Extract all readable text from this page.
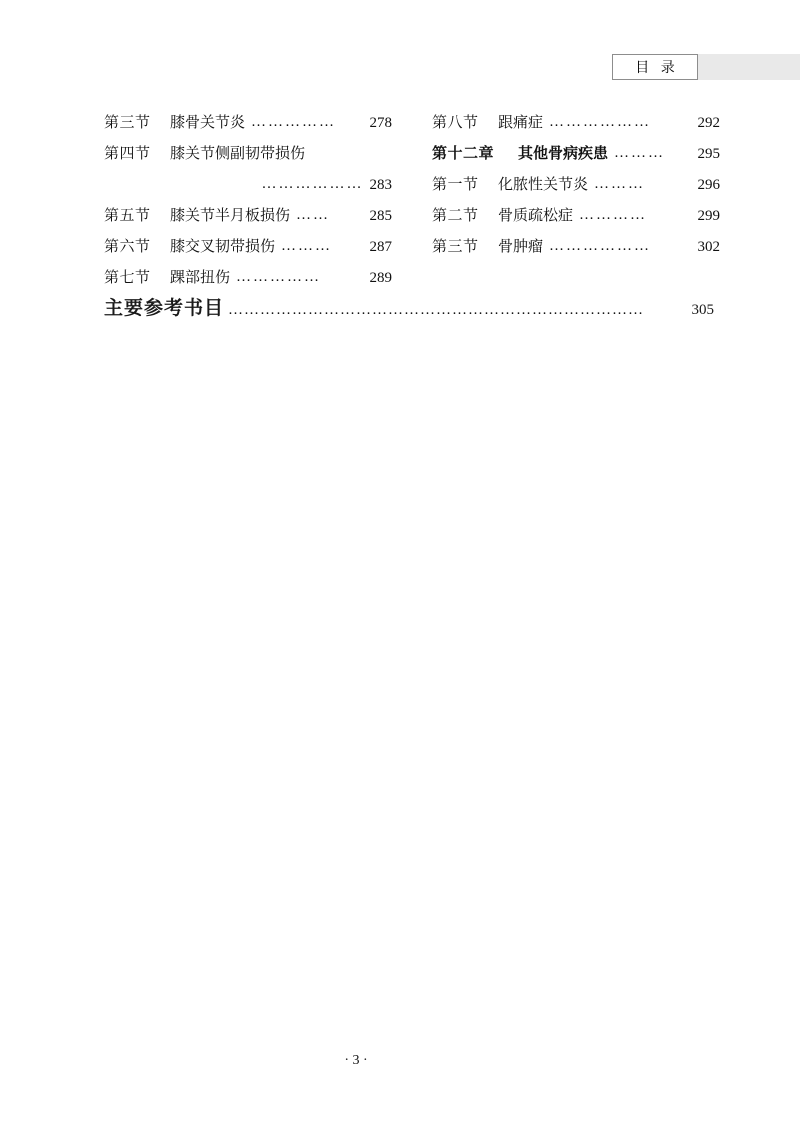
目 录
第三节	膝骨关节炎 ……………	278
第四节	膝关节侧副韧带损伤
……………… 283
第五节	膝关节半月板损伤 ……	285
第六节	膝交叉韧带损伤 ………	287
第七节	踝部扭伤 ……………	289
第八节	跟痛症 ………………	292
第十二章	其他骨病疾患 ………	295
第一节	化脓性关节炎 ………	296
第二节	骨质疏松症 …………	299
第三节	骨肿瘤 ………………	302
主要参考书目 ……………………………………………………………………	305
· 3 ·
